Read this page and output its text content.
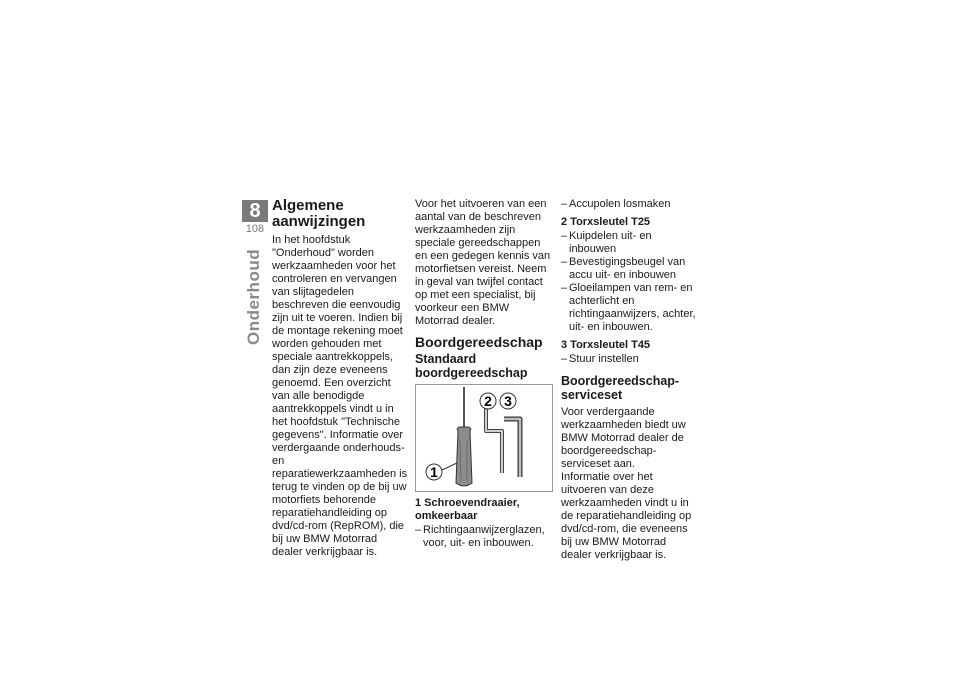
8
108
Onderhoud
Algemene aanwijzingen

In het hoofdstuk "Onderhoud" worden werkzaamheden voor het controleren en vervangen van slijtagedelen beschreven die eenvoudig zijn uit te voeren. Indien bij de montage rekening moet worden gehouden met speciale aantrekkoppels, dan zijn deze eveneens genoemd. Een overzicht van alle benodigde aantrekkoppels vindt u in het hoofdstuk "Technische gegevens". Informatie over verdergaande onderhouds- en reparatiewerkzaamheden is terug te vinden op de bij uw motorfiets behorende reparatiehandleiding op dvd/cd-rom (RepROM), die bij uw BMW Motorrad dealer verkrijgbaar is.

Voor het uitvoeren van een aantal van de beschreven werkzaamheden zijn speciale gereedschappen en een gedegen kennis van motorfietsen vereist. Neem in geval van twijfel contact op met een specialist, bij voorkeur een BMW Motorrad dealer.

Boordgereedschap
Standaard boordgereedschap
1
2 3
1 Schroevendraaier, omkeerbaar

– Richtingaanwijzerglazen, voor, uit- en inbouwen.

– Accupolen losmaken

2 Torxsleutel T25

– Kuipdelen uit- en inbouwen

– Bevestigingsbeugel van accu uit- en inbouwen

– Gloeilampen van rem- en achterlicht en richtingaanwijzers, achter, uit- en inbouwen.

3 Torxsleutel T45

– Stuur instellen

Boordgereedschap-serviceset

Voor verdergaande werkzaamheden biedt uw BMW Motorrad dealer de boordgereedschap-serviceset aan.
Informatie over het uitvoeren van deze werkzaamheden vindt u in de reparatiehandleiding op dvd/cd-rom, die eveneens bij uw BMW Motorrad dealer verkrijgbaar is.
